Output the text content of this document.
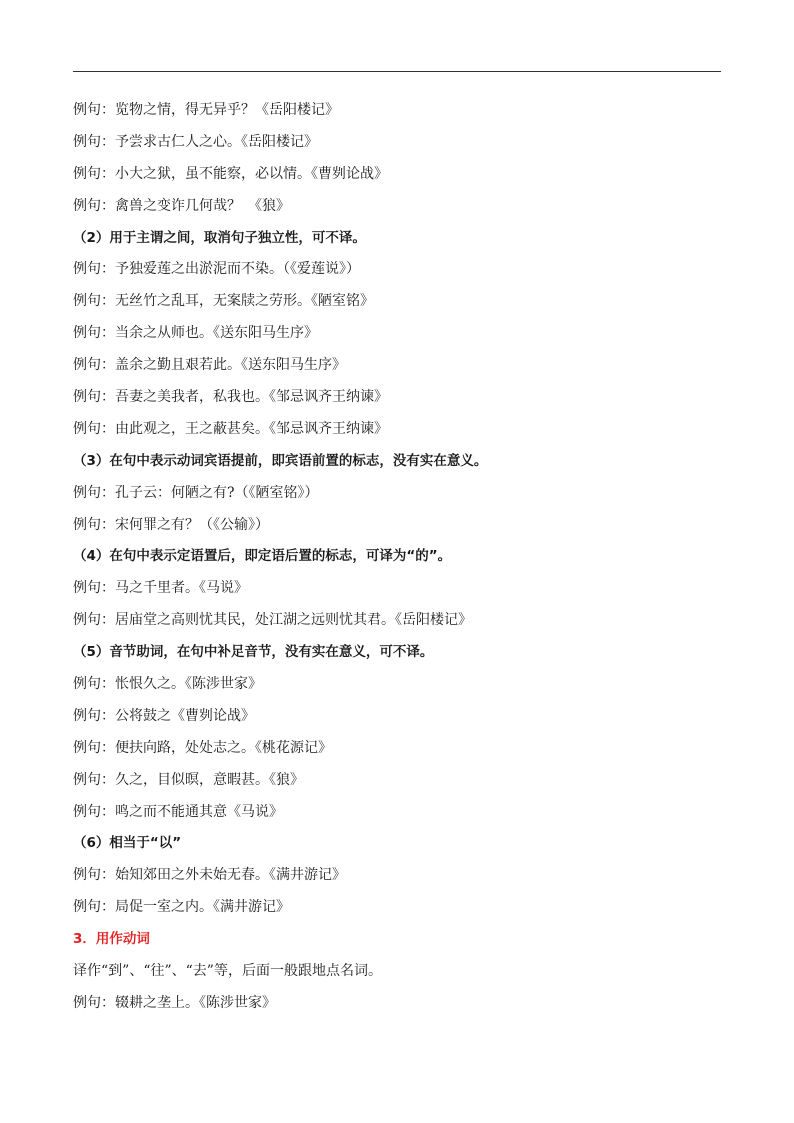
例句：览物之情，得无异乎？《岳阳楼记》
例句：予尝求古仁人之心。《岳阳楼记》
例句：小大之狱，虽不能察，必以情。《曹刿论战》
例句：禽兽之变诈几何哉？　《狼》
（2）用于主谓之间，取消句子独立性，可不译。
例句：予独爱莲之出淤泥而不染。（《爱莲说》）
例句：无丝竹之乱耳，无案牍之劳形。《陋室铭》
例句：当余之从师也。《送东阳马生序》
例句：盖余之勤且艰若此。《送东阳马生序》
例句：吾妻之美我者，私我也。《邹忌讽齐王纳谏》
例句：由此观之，王之蔽甚矣。《邹忌讽齐王纳谏》
（3）在句中表示动词宾语提前，即宾语前置的标志，没有实在意义。
例句：孔子云：何陋之有?（《陋室铭》）
例句：宋何罪之有？（《公输》）
（4）在句中表示定语置后，即定语后置的标志，可译为“的”。
例句：马之千里者。《马说》
例句：居庙堂之高则忧其民，处江湖之远则忧其君。《岳阳楼记》
（5）音节助词，在句中补足音节，没有实在意义，可不译。
例句：怅恨久之。《陈涉世家》
例句：公将鼓之《曹刿论战》
例句：便扶向路，处处志之。《桃花源记》
例句：久之，目似暝，意暇甚。《狼》
例句：鸣之而不能通其意《马说》
（6）相当于“以”
例句：始知郊田之外未始无春。《满井游记》
例句：局促一室之内。《满井游记》
3．用作动词
译作“到”、“往”、“去”等，后面一般跟地点名词。
例句：辍耕之垄上。《陈涉世家》
